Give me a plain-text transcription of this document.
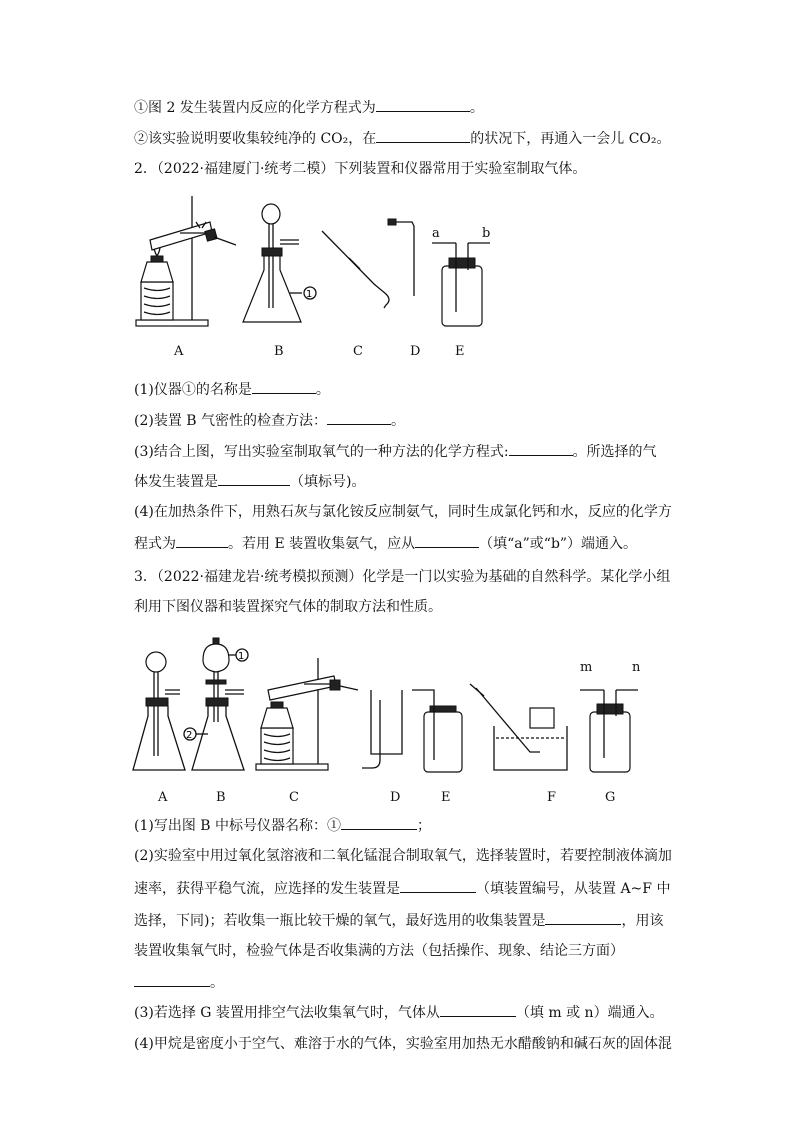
①图 2 发生装置内反应的化学方程式为	。
②该实验说明要收集较纯净的 CO₂，在	的状况下，再通入一会儿 CO₂。
2．（2022·福建厦门·统考二模）下列装置和仪器常用于实验室制取气体。
1
a	b
A	B	C	D	E
(1)仪器①的名称是	。
(2)装置 B 气密性的检查方法：	。
(3)结合上图，写出实验室制取氧气的一种方法的化学方程式:	。所选择的气
体发生装置是	（填标号)。
(4)在加热条件下，用熟石灰与氯化铵反应制氨气，同时生成氯化钙和水，反应的化学方
程式为	。若用 E 装置收集氨气，应从	（填“a”或“b”）端通入。
3．（2022·福建龙岩·统考模拟预测）化学是一门以实验为基础的自然科学。某化学小组
利用下图仪器和装置探究气体的制取方法和性质。
1
2
m	n
A	B	C	D	E	F	G
(1)写出图 B 中标号仪器名称：①	；
(2)实验室中用过氧化氢溶液和二氧化锰混合制取氧气，选择装置时，若要控制液体滴加
速率，获得平稳气流，应选择的发生装置是	（填装置编号，从装置 A~F 中
选择，下同)；若收集一瓶比较干燥的氧气，最好选用的收集装置是	，用该
装置收集氧气时，检验气体是否收集满的方法（包括操作、现象、结论三方面）
。
(3)若选择 G 装置用排空气法收集氧气时，气体从	（填 m 或 n）端通入。
(4)甲烷是密度小于空气、难溶于水的气体，实验室用加热无水醋酸钠和碱石灰的固体混
